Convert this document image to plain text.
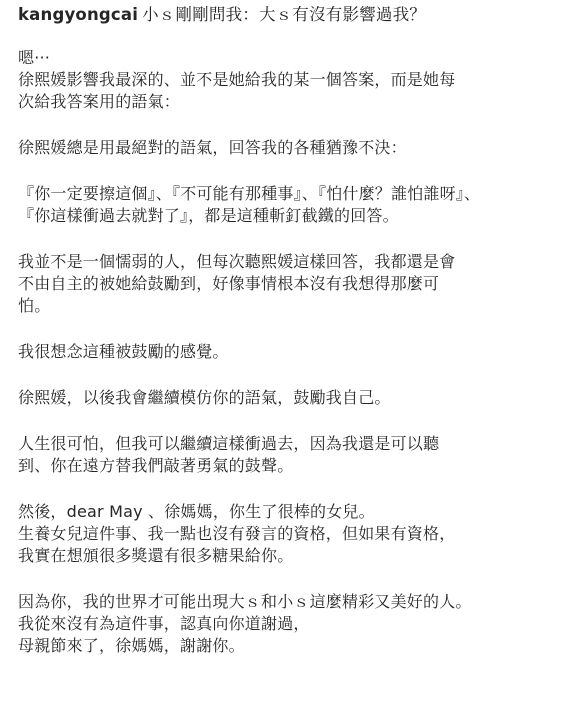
kangyongcai 小ｓ剛剛問我：大ｓ有沒有影響過我？
嗯···
徐熙媛影響我最深的、並不是她給我的某一個答案，而是她每
次給我答案用的語氣：
徐熙媛總是用最絕對的語氣，回答我的各種猶豫不決：
『你一定要擦這個』、『不可能有那種事』、『怕什麼？誰怕誰呀』、
『你這樣衝過去就對了』，都是這種斬釘截鐵的回答。
我並不是一個懦弱的人，但每次聽熙媛這樣回答，我都還是會
不由自主的被她給鼓勵到，好像事情根本沒有我想得那麼可
怕。
我很想念這種被鼓勵的感覺。
徐熙媛，以後我會繼續模仿你的語氣，鼓勵我自己。
人生很可怕，但我可以繼續這樣衝過去，因為我還是可以聽
到、你在遠方替我們敲著勇氣的鼓聲。
然後，dear May 、徐媽媽，你生了很棒的女兒。
生養女兒這件事、我一點也沒有發言的資格，但如果有資格，
我實在想頒很多獎還有很多糖果給你。
因為你，我的世界才可能出現大ｓ和小ｓ這麼精彩又美好的人。
我從來沒有為這件事，認真向你道謝過，
母親節來了，徐媽媽，謝謝你。
